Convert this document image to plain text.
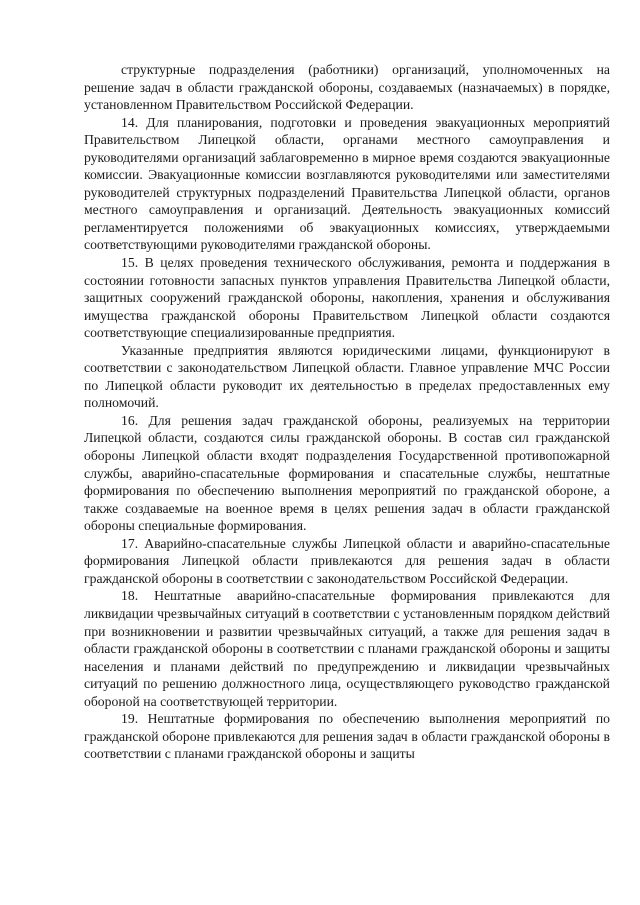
структурные подразделения (работники) организаций, уполномоченных на решение задач в области гражданской обороны, создаваемых (назначаемых) в порядке, установленном Правительством Российской Федерации.

14. Для планирования, подготовки и проведения эвакуационных мероприятий Правительством Липецкой области, органами местного самоуправления и руководителями организаций заблаговременно в мирное время создаются эвакуационные комиссии. Эвакуационные комиссии возглавляются руководителями или заместителями руководителей структурных подразделений Правительства Липецкой области, органов местного самоуправления и организаций. Деятельность эвакуационных комиссий регламентируется положениями об эвакуационных комиссиях, утверждаемыми соответствующими руководителями гражданской обороны.

15. В целях проведения технического обслуживания, ремонта и поддержания в состоянии готовности запасных пунктов управления Правительства Липецкой области, защитных сооружений гражданской обороны, накопления, хранения и обслуживания имущества гражданской обороны Правительством Липецкой области создаются соответствующие специализированные предприятия.

Указанные предприятия являются юридическими лицами, функционируют в соответствии с законодательством Липецкой области. Главное управление МЧС России по Липецкой области руководит их деятельностью в пределах предоставленных ему полномочий.

16. Для решения задач гражданской обороны, реализуемых на территории Липецкой области, создаются силы гражданской обороны. В состав сил гражданской обороны Липецкой области входят подразделения Государственной противопожарной службы, аварийно-спасательные формирования и спасательные службы, нештатные формирования по обеспечению выполнения мероприятий по гражданской обороне, а также создаваемые на военное время в целях решения задач в области гражданской обороны специальные формирования.

17. Аварийно-спасательные службы Липецкой области и аварийно-спасательные формирования Липецкой области привлекаются для решения задач в области гражданской обороны в соответствии с законодательством Российской Федерации.

18. Нештатные аварийно-спасательные формирования привлекаются для ликвидации чрезвычайных ситуаций в соответствии с установленным порядком действий при возникновении и развитии чрезвычайных ситуаций, а также для решения задач в области гражданской обороны в соответствии с планами гражданской обороны и защиты населения и планами действий по предупреждению и ликвидации чрезвычайных ситуаций по решению должностного лица, осуществляющего руководство гражданской обороной на соответствующей территории.

19. Нештатные формирования по обеспечению выполнения мероприятий по гражданской обороне привлекаются для решения задач в области гражданской обороны в соответствии с планами гражданской обороны и защиты
